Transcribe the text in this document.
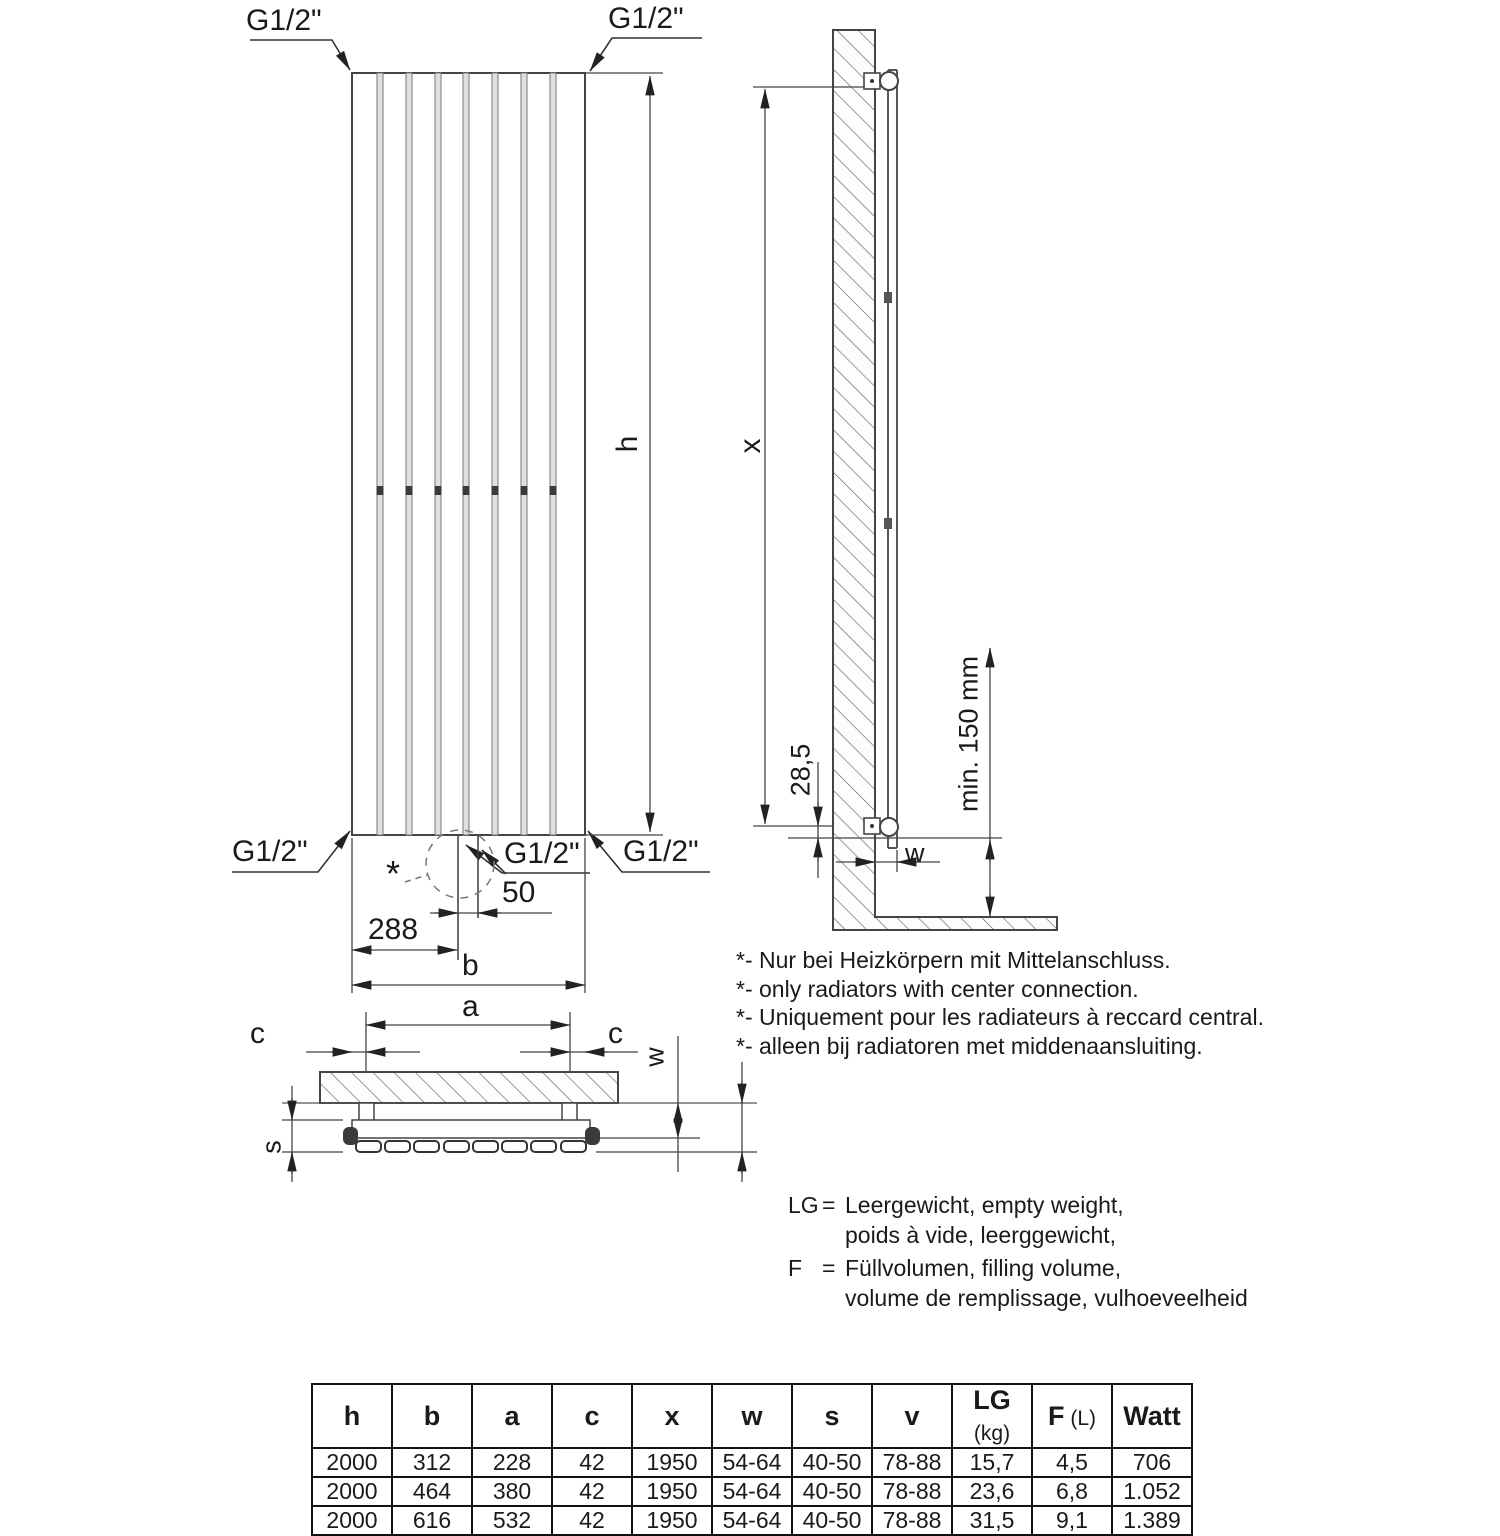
G1/2"	G1/2"
G1/2"	G1/2" G1/2"
h
*	50
288
b
a
c	c
x
28,5	min. 150 mm
w
s
w
*- Nur bei Heizkörpern mit Mittelanschluss.
*- only radiators with center connection.
*- Uniquement pour les radiateurs à reccard central.
*- alleen bij radiatoren met middenaansluiting.
LG = Leergewicht, empty weight,
poids à vide, leerggewicht,
F = Füllvolumen, filling volume,
volume de remplissage, vulhoeveelheid
h	b	a	c	x	w	s	v	LG (kg)	F (L)	Watt
2000	312	228	42	1950	54-64	40-50	78-88	15,7	4,5	706
2000	464	380	42	1950	54-64	40-50	78-88	23,6	6,8	1.052
2000	616	532	42	1950	54-64	40-50	78-88	31,5	9,1	1.389
